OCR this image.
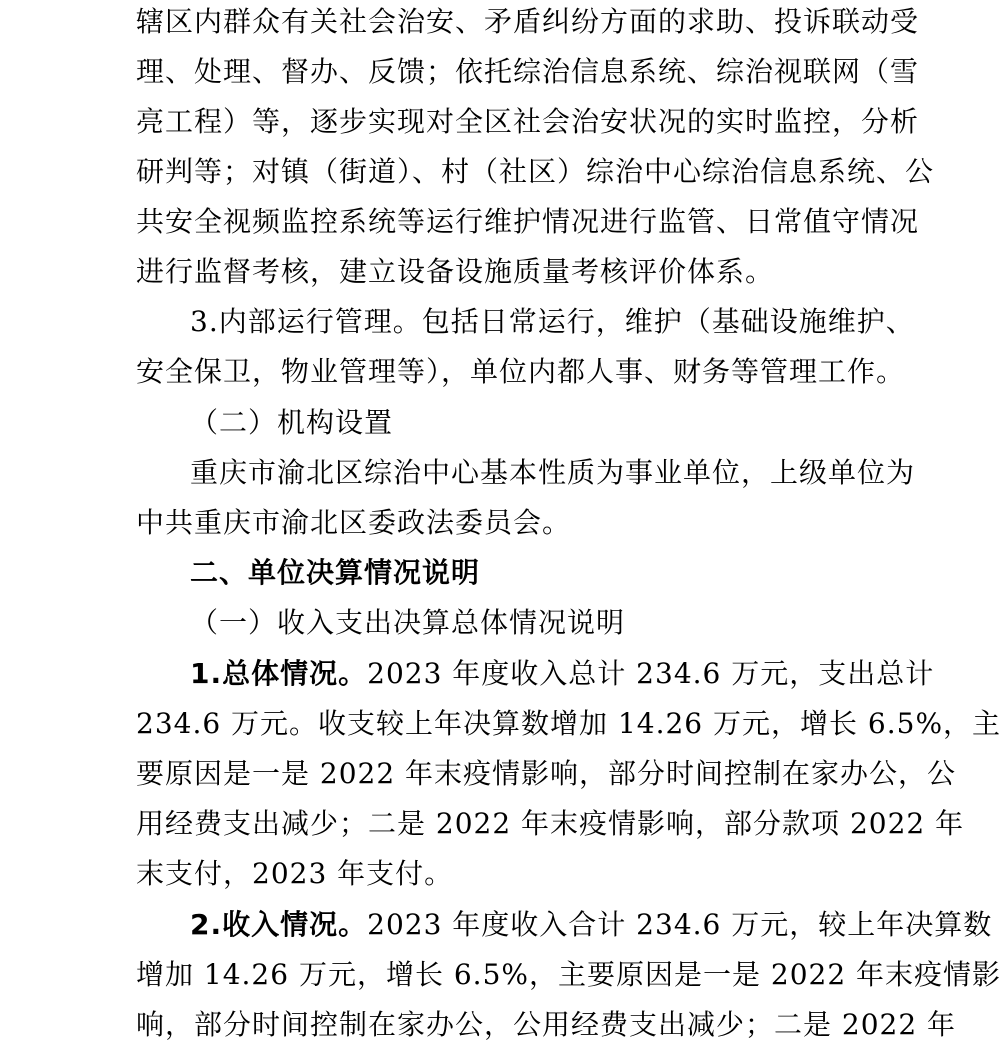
辖区内群众有关社会治安、矛盾纠纷方面的求助、投诉联动受
理、处理、督办、反馈；依托综治信息系统、综治视联网（雪
亮工程）等，逐步实现对全区社会治安状况的实时监控，分析
研判等；对镇（街道）、村（社区）综治中心综治信息系统、公
共安全视频监控系统等运行维护情况进行监管、日常值守情况
进行监督考核，建立设备设施质量考核评价体系。
3.内部运行管理。包括日常运行，维护（基础设施维护、
安全保卫，物业管理等），单位内都人事、财务等管理工作。
（二）机构设置
重庆市渝北区综治中心基本性质为事业单位，上级单位为
中共重庆市渝北区委政法委员会。
二、单位决算情况说明
（一）收入支出决算总体情况说明
1.总体情况。2023 年度收入总计 234.6 万元，支出总计
234.6 万元。收支较上年决算数增加 14.26 万元，增长 6.5%，主
要原因是一是 2022 年末疫情影响，部分时间控制在家办公，公
用经费支出减少；二是 2022 年末疫情影响，部分款项 2022 年
末支付，2023 年支付。
2.收入情况。2023 年度收入合计 234.6 万元，较上年决算数
增加 14.26 万元，增长 6.5%，主要原因是一是 2022 年末疫情影
响，部分时间控制在家办公，公用经费支出减少；二是 2022 年
